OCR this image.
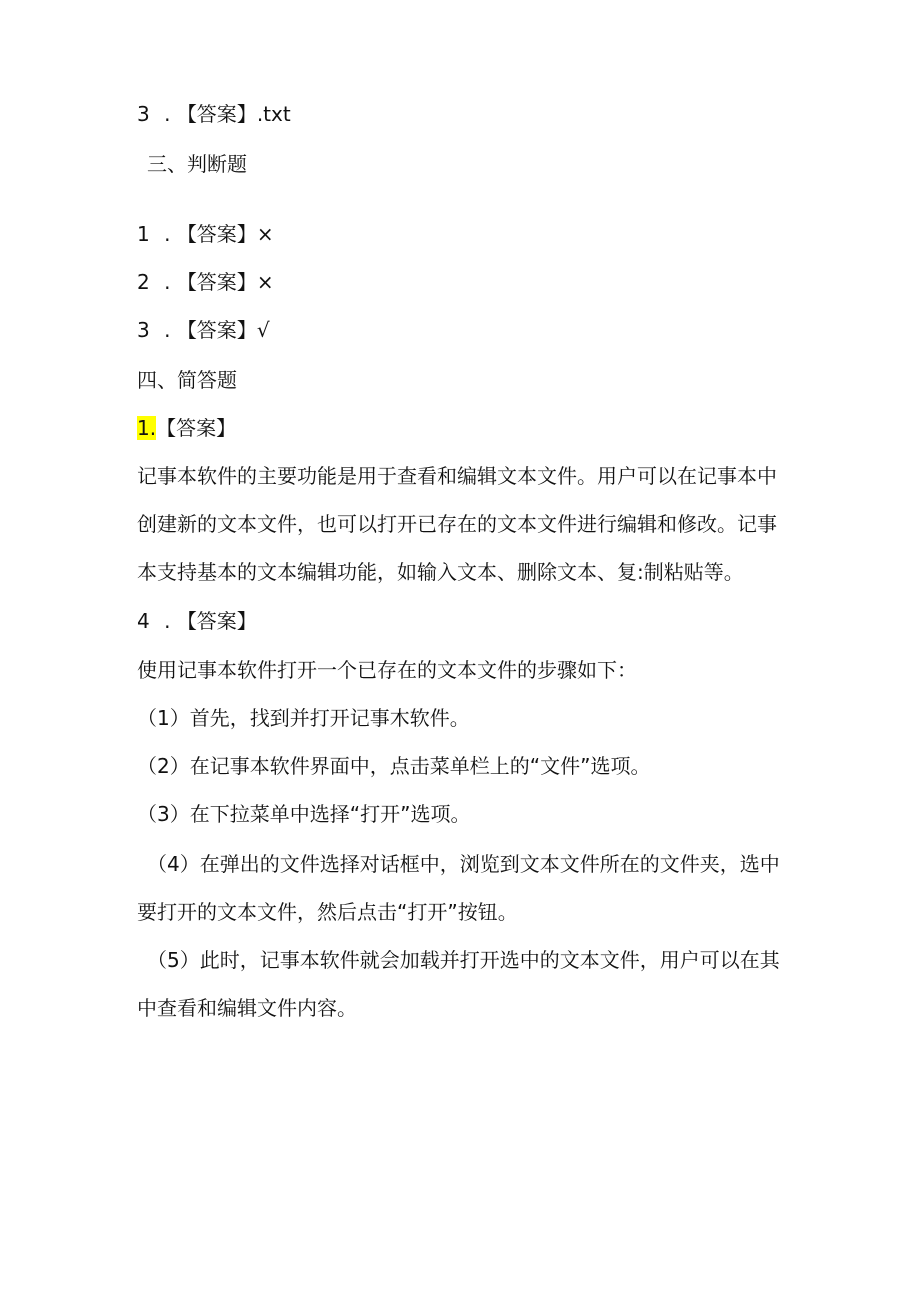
3 . 【答案】.txt
三、判断题
1 . 【答案】×
2 . 【答案】×
3 . 【答案】√
四、简答题
1.【答案】
记事本软件的主要功能是用于查看和编辑文本文件。用户可以在记事本中
创建新的文本文件，也可以打开已存在的文本文件进行编辑和修改。记事
本支持基本的文本编辑功能，如输入文本、删除文本、复:制粘贴等。
4 . 【答案】
使用记事本软件打开一个已存在的文本文件的步骤如下：
（1）首先，找到并打开记事木软件。
（2）在记事本软件界面中，点击菜单栏上的“文件”选项。
（3）在下拉菜单中选择“打开”选项。
（4）在弹出的文件选择对话框中，浏览到文本文件所在的文件夹，选中
要打开的文本文件，然后点击“打开”按钮。
（5）此时，记事本软件就会加载并打开选中的文本文件，用户可以在其
中查看和编辑文件内容。
